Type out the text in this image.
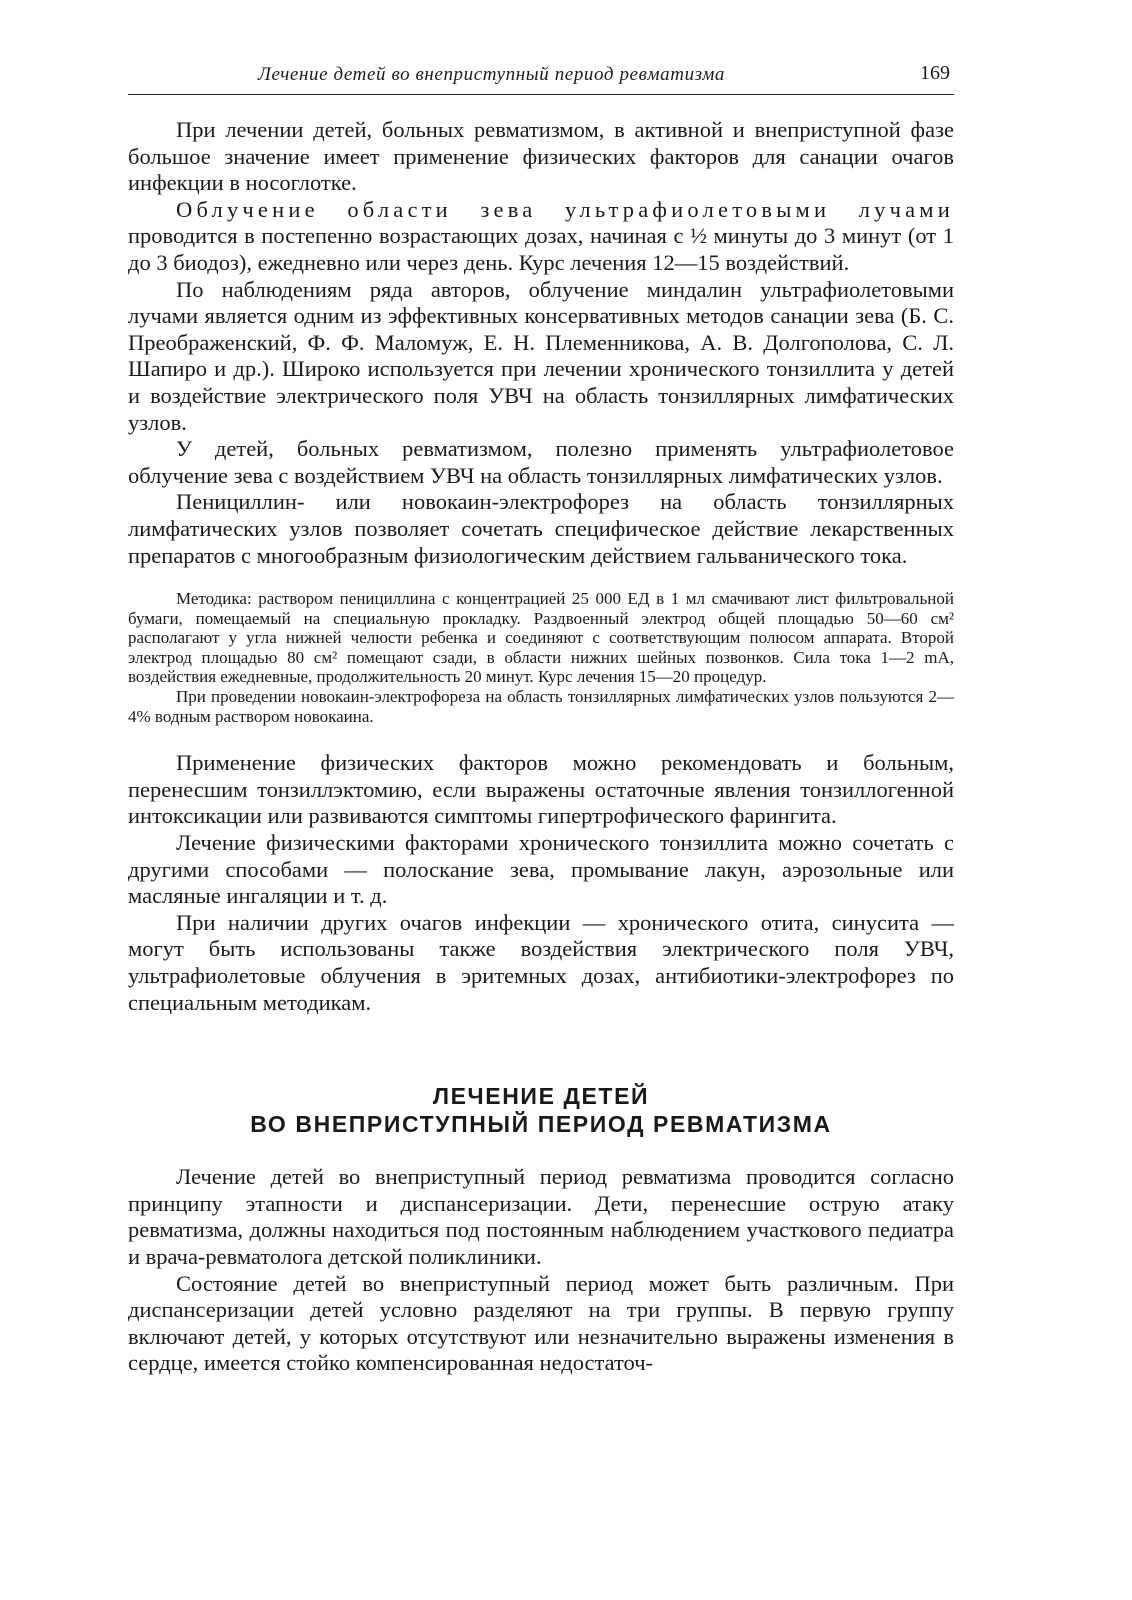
Лечение детей во внеприступный период ревматизма	169

При лечении детей, больных ревматизмом, в активной и внеприступной фазе большое значение имеет применение физических факторов для санации очагов инфекции в носоглотке.

Облучение области зева ультрафиолетовыми лучами проводится в постепенно возрастающих дозах, начиная с ½ минуты до 3 минут (от 1 до 3 биодоз), ежедневно или через день. Курс лечения 12—15 воздействий.

По наблюдениям ряда авторов, облучение миндалин ультрафиолетовыми лучами является одним из эффективных консервативных методов санации зева (Б. С. Преображенский, Ф. Ф. Маломуж, Е. Н. Племенникова, А. В. Долгополова, С. Л. Шапиро и др.). Широко используется при лечении хронического тонзиллита у детей и воздействие электрического поля УВЧ на область тонзиллярных лимфатических узлов.

У детей, больных ревматизмом, полезно применять ультрафиолетовое облучение зева с воздействием УВЧ на область тонзиллярных лимфатических узлов.

Пенициллин- или новокаин-электрофорез на область тонзиллярных лимфатических узлов позволяет сочетать специфическое действие лекарственных препаратов с многообразным физиологическим действием гальванического тока.

Методика: раствором пенициллина с концентрацией 25 000 ЕД в 1 мл смачивают лист фильтровальной бумаги, помещаемый на специальную прокладку. Раздвоенный электрод общей площадью 50—60 см² располагают у угла нижней челюсти ребенка и соединяют с соответствующим полюсом аппарата. Второй электрод площадью 80 см² помещают сзади, в области нижних шейных позвонков. Сила тока 1—2 mA, воздействия ежедневные, продолжительность 20 минут. Курс лечения 15—20 процедур.

При проведении новокаин-электрофореза на область тонзиллярных лимфатических узлов пользуются 2—4% водным раствором новокаина.

Применение физических факторов можно рекомендовать и больным, перенесшим тонзиллэктомию, если выражены остаточные явления тонзиллогенной интоксикации или развиваются симптомы гипертрофического фарингита.

Лечение физическими факторами хронического тонзиллита можно сочетать с другими способами — полоскание зева, промывание лакун, аэрозольные или масляные ингаляции и т. д.

При наличии других очагов инфекции — хронического отита, синусита — могут быть использованы также воздействия электрического поля УВЧ, ультрафиолетовые облучения в эритемных дозах, антибиотики-электрофорез по специальным методикам.

ЛЕЧЕНИЕ ДЕТЕЙ
ВО ВНЕПРИСТУПНЫЙ ПЕРИОД РЕВМАТИЗМА

Лечение детей во внеприступный период ревматизма проводится согласно принципу этапности и диспансеризации. Дети, перенесшие острую атаку ревматизма, должны находиться под постоянным наблюдением участкового педиатра и врача-ревматолога детской поликлиники.

Состояние детей во внеприступный период может быть различным. При диспансеризации детей условно разделяют на три группы. В первую группу включают детей, у которых отсутствуют или незначительно выражены изменения в сердце, имеется стойко компенсированная недостаточ-
